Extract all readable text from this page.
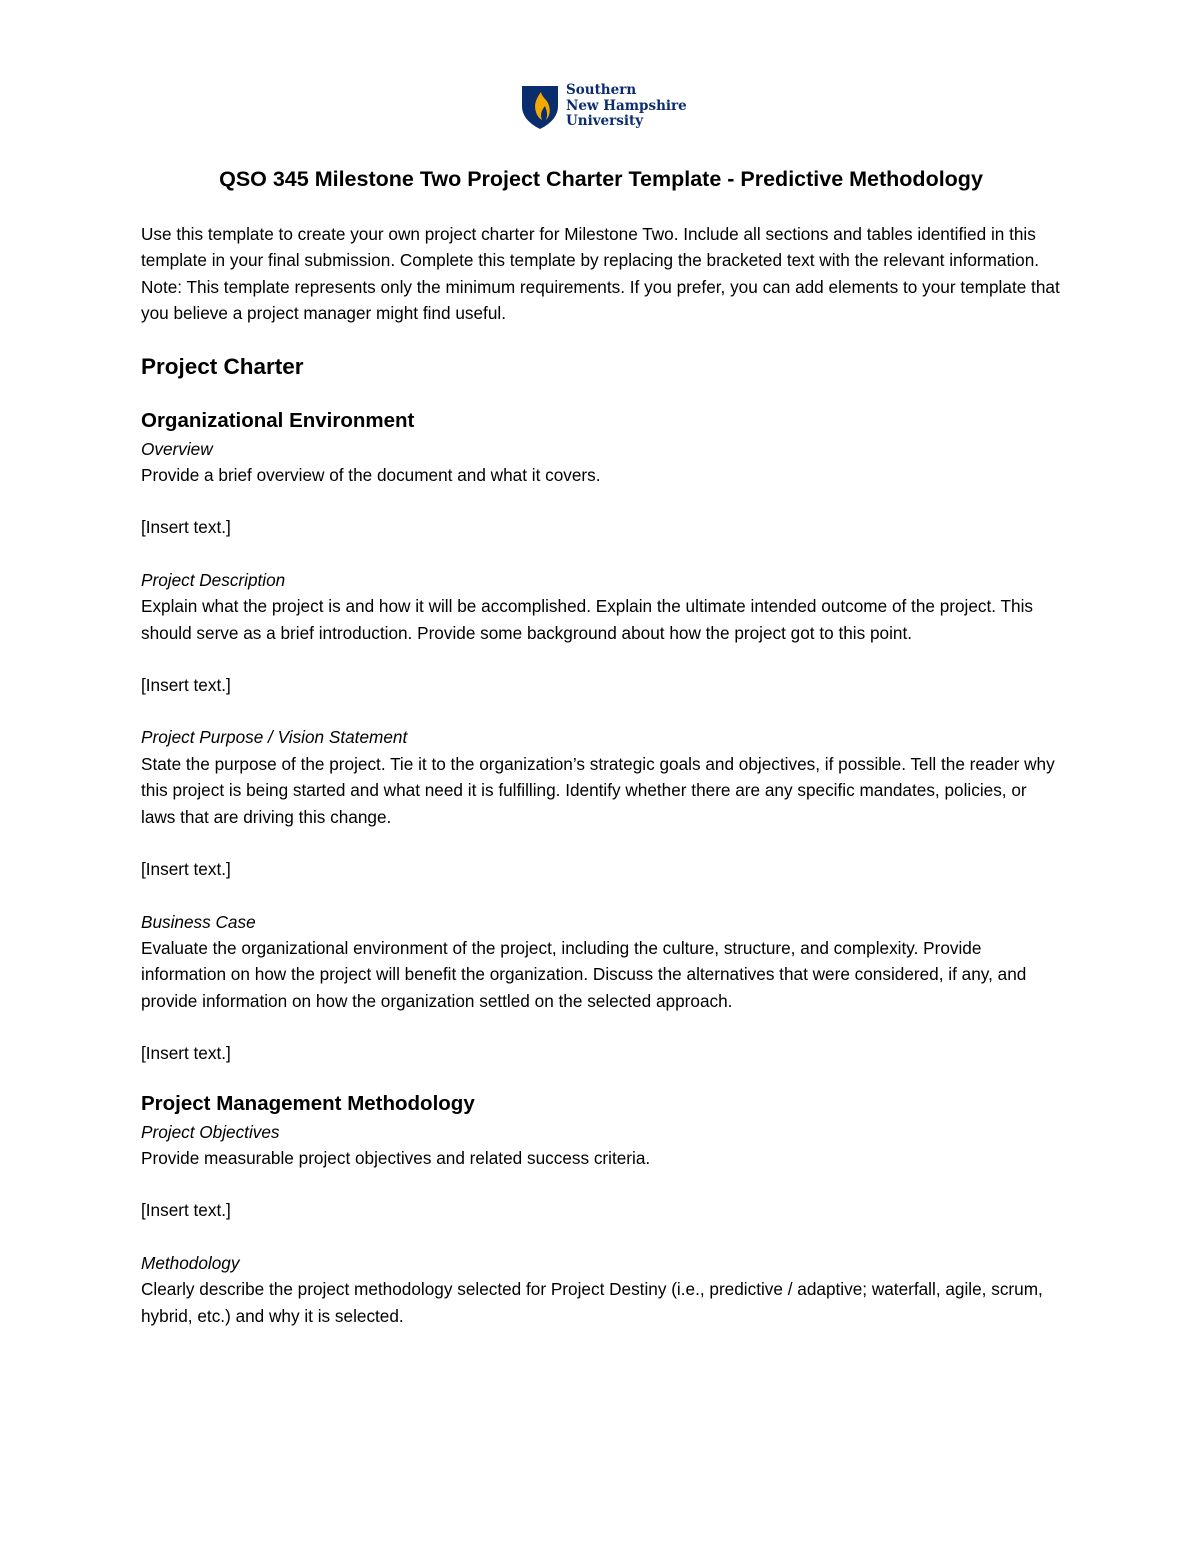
Southern
New Hampshire
University
QSO 345 Milestone Two Project Charter Template - Predictive Methodology

Use this template to create your own project charter for Milestone Two. Include all sections and tables identified in this template in your final submission. Complete this template by replacing the bracketed text with the relevant information. Note: This template represents only the minimum requirements. If you prefer, you can add elements to your template that you believe a project manager might find useful.

Project Charter
Organizational Environment

Overview

Provide a brief overview of the document and what it covers.

[Insert text.]

Project Description

Explain what the project is and how it will be accomplished. Explain the ultimate intended outcome of the project. This should serve as a brief introduction. Provide some background about how the project got to this point.

[Insert text.]

Project Purpose / Vision Statement

State the purpose of the project. Tie it to the organization’s strategic goals and objectives, if possible. Tell the reader why this project is being started and what need it is fulfilling. Identify whether there are any specific mandates, policies, or laws that are driving this change.

[Insert text.]

Business Case

Evaluate the organizational environment of the project, including the culture, structure, and complexity. Provide information on how the project will benefit the organization. Discuss the alternatives that were considered, if any, and provide information on how the organization settled on the selected approach.

[Insert text.]

Project Management Methodology

Project Objectives

Provide measurable project objectives and related success criteria.

[Insert text.]

Methodology

Clearly describe the project methodology selected for Project Destiny (i.e., predictive / adaptive; waterfall, agile, scrum, hybrid, etc.) and why it is selected.
